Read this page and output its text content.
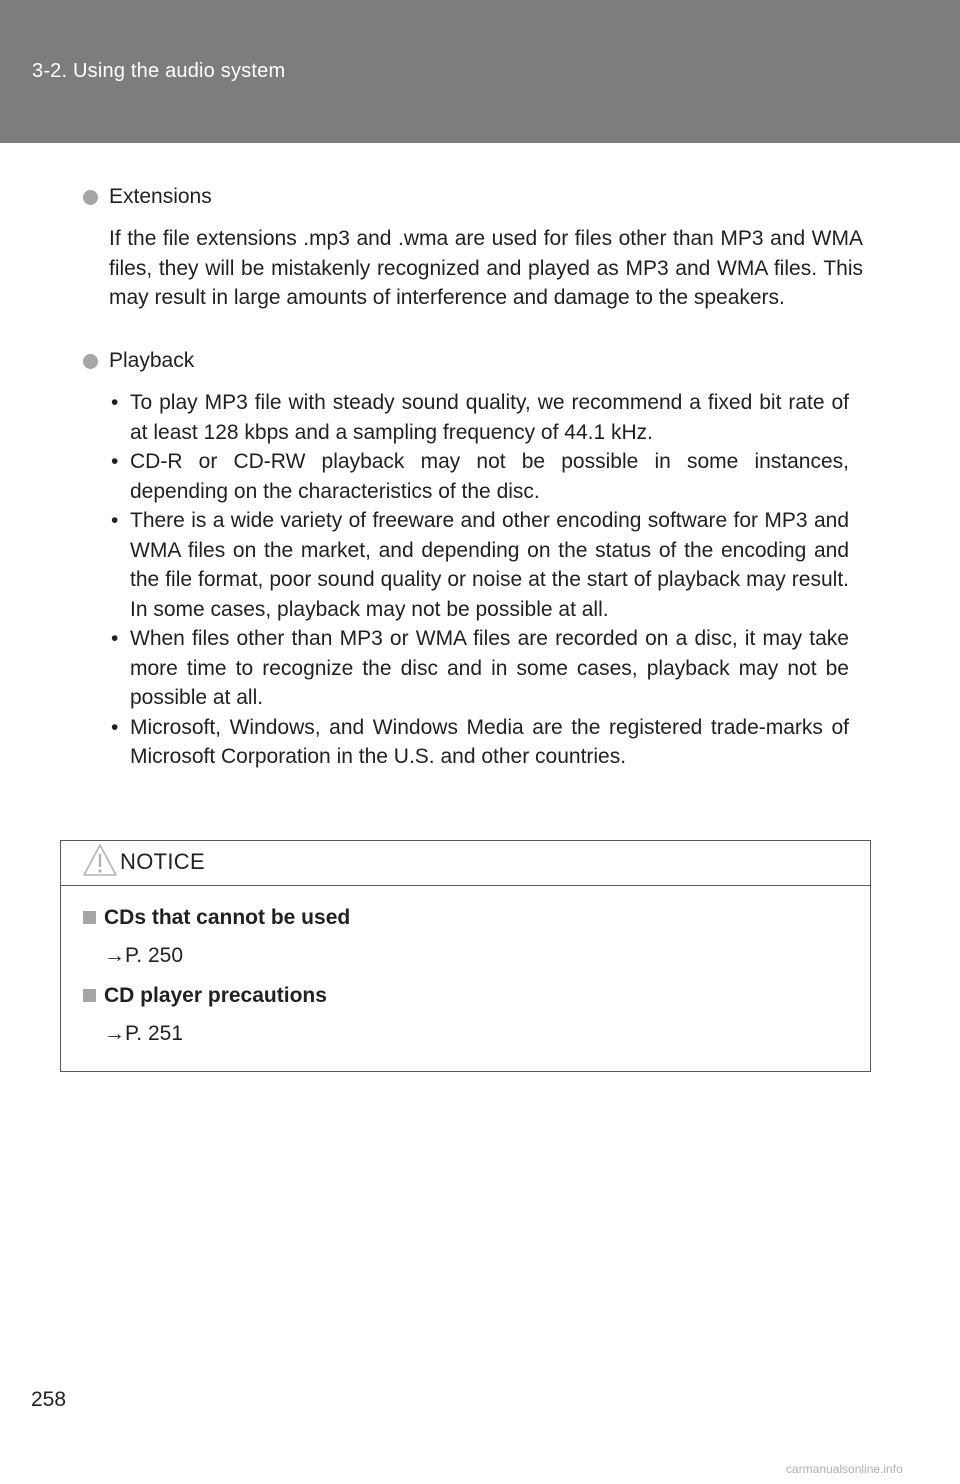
3-2. Using the audio system
Extensions
If the file extensions .mp3 and .wma are used for files other than MP3 and WMA files, they will be mistakenly recognized and played as MP3 and WMA files. This may result in large amounts of interference and damage to the speakers.
Playback
• To play MP3 file with steady sound quality, we recommend a fixed bit rate of at least 128 kbps and a sampling frequency of 44.1 kHz.
• CD-R or CD-RW playback may not be possible in some instances, depending on the characteristics of the disc.
• There is a wide variety of freeware and other encoding software for MP3 and WMA files on the market, and depending on the status of the encoding and the file format, poor sound quality or noise at the start of playback may result. In some cases, playback may not be possible at all.
• When files other than MP3 or WMA files are recorded on a disc, it may take more time to recognize the disc and in some cases, playback may not be possible at all.
• Microsoft, Windows, and Windows Media are the registered trade-marks of Microsoft Corporation in the U.S. and other countries.
NOTICE
CDs that cannot be used
→P. 250
CD player precautions
→P. 251
258
carmanualsonline.info
